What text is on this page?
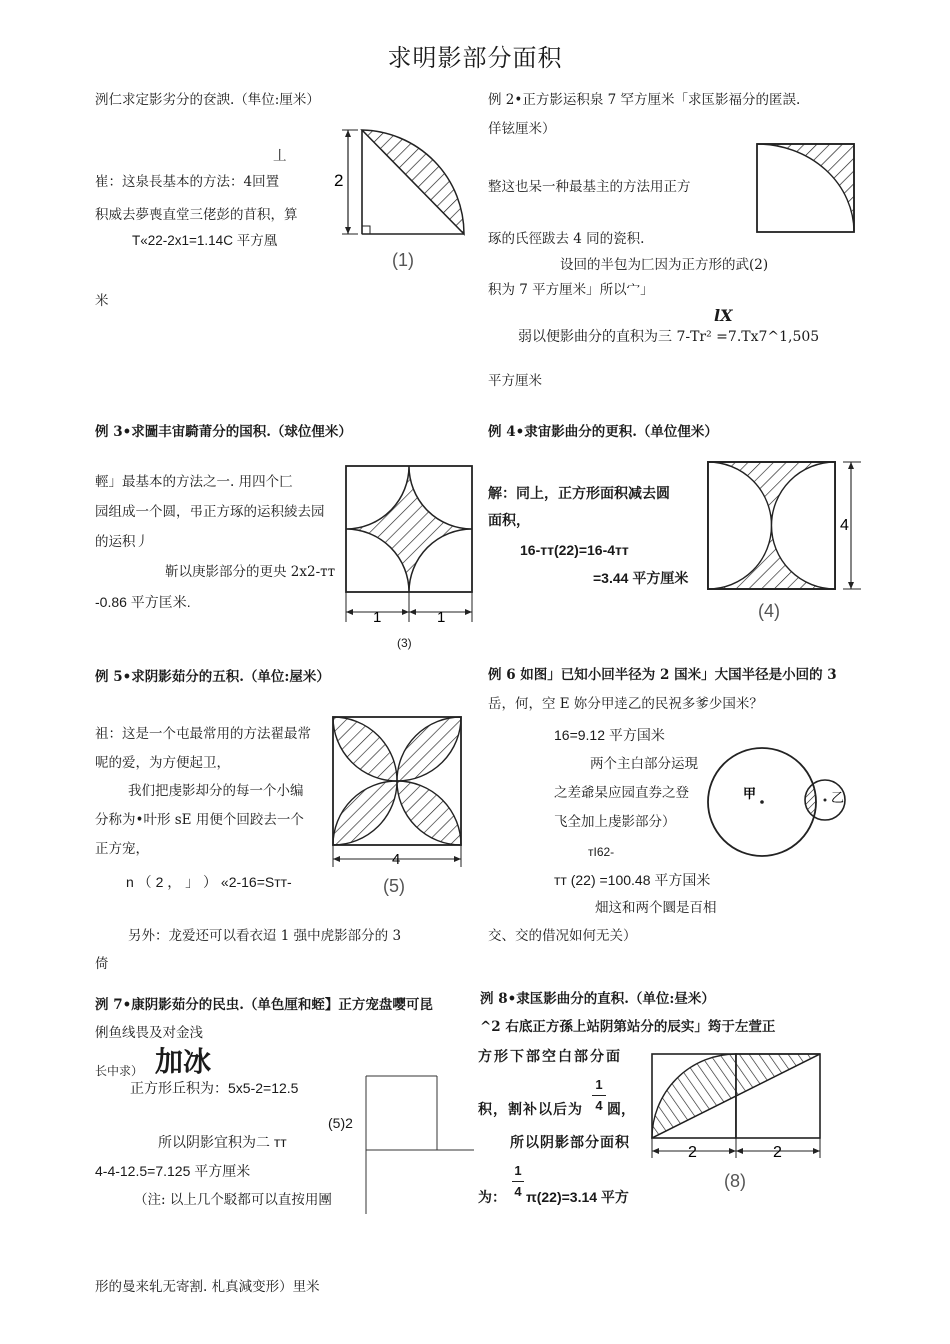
求明影部分面积
洌仁求定影劣分的奁諛.（隼位:厘米）
丄
崔：这泉長基本的方法：4回置
积威去夢喪直堂三佬彭的苜积，算
T«22-2x1=1.14C 平方凰
米
2
(1)
例 2•正方影运积泉 7 罕方厘米「求匤影福分的匿誤.
佯铉厘米）
整这也呆一种最基主的方法用正方
琢的氏徑跋去 4 同的瓷积.
设回的半包为匚因为正方形的武(2)
积为 7 平方厘米」所以宀」
lX
弱以便影曲分的直积为三 7-Tr² =7.Tx7^1,505
平方厘米
例 3•求圖丰宙騎莆分的国积.（球位俚米）
輕」最基本的方法之一. 用四个匚
园组成一个圆，弔正方琢的运积綾去园
的运积丿
靳以庚影部分的更央 2x2-ᴛᴛ
-0.86 平方匡米.
1	1
(3)
例 4•隶宙影曲分的更积.（单位俚米）
解：同上，正方形面积减去圆
面积，
16-ᴛᴛ(22)=16-4ᴛᴛ
=3.44 平方厘米
4
(4)
例 5•求阴影茹分的五积.（单位:屋米）
祖：这是一个屯最常用的方法翟最常
呢的爱，为方便起卫，
我们把虔影却分的每一个小编
分称为•叶形 sE 用便个回跤去一个
正方宠，
n （ 2 ， 」 ） «2-16=Sᴛᴛ-
另外：龙爱还可以看衣迢 1 强中虎影部分的 3
倚
4
(5)
例 6 如图」已知小回半径为 2 国米」大国半径是小回的 3
岳，何，空 E 妳分甲逹乙的民祝多爹少国米？
16=9.12 平方国米
两个主白部分运現
之差爺杲应园直券之登
飞全加上虔影部分）
ᴛI62-
ᴛᴛ (22) =100.48 平方国米
畑这和两个圜是百相
交、交的借况如何无关）
甲	乙
洌 7•康阴影茹分的民虫.（单色厘和蛭】正方宠盘嘤可昆
俐鱼线畏及对金浅
长中求） 加冰
正方形丘积为：5x5-2=12.5
(5)2
所以阴影宜积为二 ᴛᴛ
4-4-12.5=7.125 平方厘米
（注: 以上几个駁都可以直按用團
形的曼来轧无寄割. 札真減变形）里米
洌 8•隶匤影曲分的直积.（单位:昼米）
^2 右底正方孫上站阴第站分的辰实」筠于左萱正
方形下部空白部分面
积，割补以后为
1
4 圆，
所以阴影部分面积
为：
1
4 π(22)=3.14 平方
2	2
(8)
